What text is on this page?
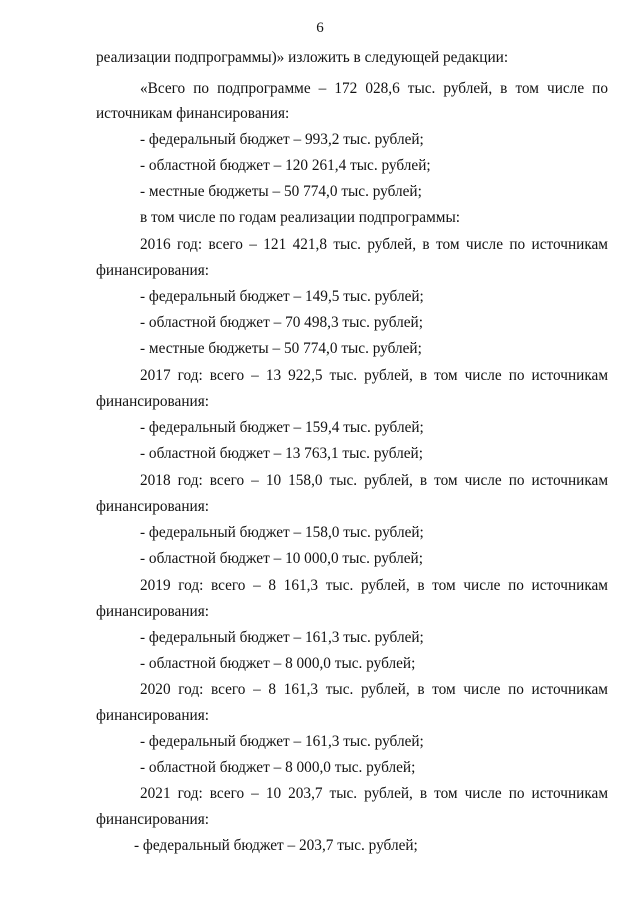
6
реализации подпрограммы)» изложить в следующей редакции:
«Всего по подпрограмме – 172 028,6 тыс. рублей, в том числе по
источникам финансирования:
- федеральный бюджет – 993,2 тыс. рублей;
- областной бюджет – 120 261,4 тыс. рублей;
- местные бюджеты – 50 774,0 тыс. рублей;
в том числе по годам реализации подпрограммы:
2016 год: всего – 121 421,8 тыс. рублей, в том числе по источникам
финансирования:
- федеральный бюджет – 149,5 тыс. рублей;
- областной бюджет – 70 498,3 тыс. рублей;
- местные бюджеты – 50 774,0 тыс. рублей;
2017 год: всего – 13 922,5 тыс. рублей, в том числе по источникам
финансирования:
- федеральный бюджет – 159,4 тыс. рублей;
- областной бюджет – 13 763,1 тыс. рублей;
2018 год: всего – 10 158,0 тыс. рублей, в том числе по источникам
финансирования:
- федеральный бюджет – 158,0 тыс. рублей;
- областной бюджет – 10 000,0 тыс. рублей;
2019 год: всего – 8 161,3 тыс. рублей, в том числе по источникам
финансирования:
- федеральный бюджет – 161,3 тыс. рублей;
- областной бюджет – 8 000,0 тыс. рублей;
2020 год: всего – 8 161,3 тыс. рублей, в том числе по источникам
финансирования:
- федеральный бюджет – 161,3 тыс. рублей;
- областной бюджет – 8 000,0 тыс. рублей;
2021 год: всего – 10 203,7 тыс. рублей, в том числе по источникам
финансирования:
- федеральный бюджет – 203,7 тыс. рублей;
